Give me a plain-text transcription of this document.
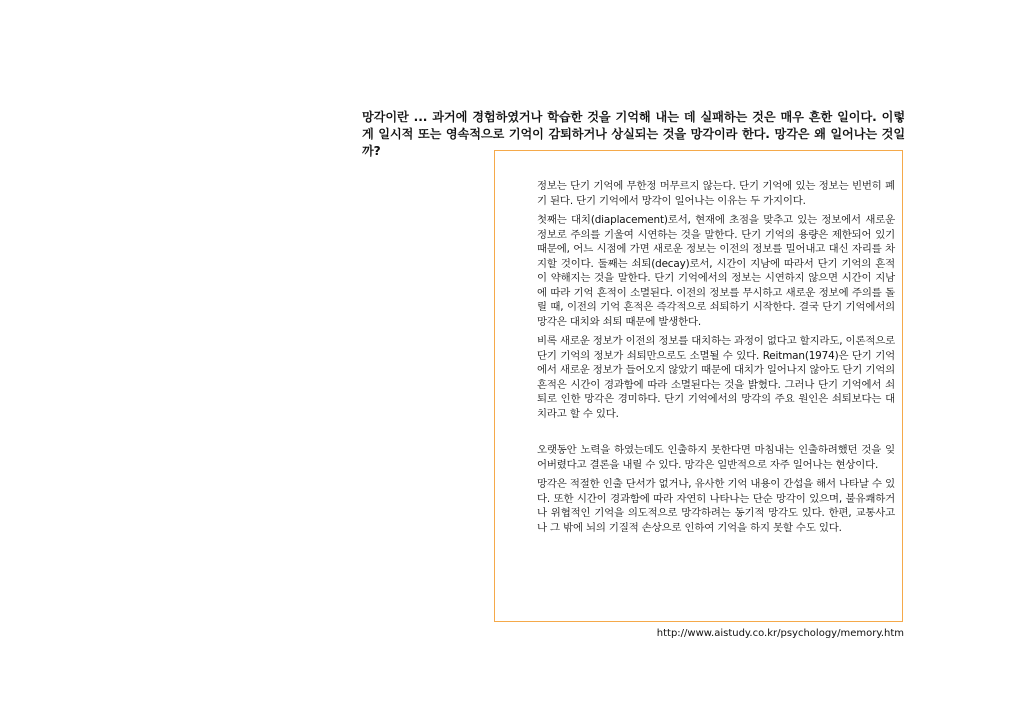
망각이란 ... 과거에 경험하였거나 학습한 것을 기억해 내는 데 실패하는 것은 매우 흔한 일이다. 이렇게 일시적 또는 영속적으로 기억이 감퇴하거나 상실되는 것을 망각이라 한다. 망각은 왜 일어나는 것일까?

정보는 단기 기억에 무한정 머무르지 않는다. 단기 기억에 있는 정보는 빈번히 폐기 된다. 단기 기억에서 망각이 일어나는 이유는 두 가지이다.

첫째는 대치(diaplacement)로서, 현재에 초점을 맞추고 있는 정보에서 새로운 정보로 주의를 기울여 시연하는 것을 말한다. 단기 기억의 용량은 제한되어 있기 때문에, 어느 시점에 가면 새로운 정보는 이전의 정보를 밀어내고 대신 자리를 차지할 것이다. 둘째는 쇠퇴(decay)로서, 시간이 지남에 따라서 단기 기억의 흔적이 약해지는 것을 말한다. 단기 기억에서의 정보는 시연하지 않으면 시간이 지남에 따라 기억 흔적이 소멸된다. 이전의 정보를 무시하고 새로운 정보에 주의를 돌릴 때, 이전의 기억 흔적은 즉각적으로 쇠퇴하기 시작한다. 결국 단기 기억에서의 망각은 대치와 쇠퇴 때문에 발생한다.

비록 새로운 정보가 이전의 정보를 대치하는 과정이 없다고 할지라도, 이론적으로 단기 기억의 정보가 쇠퇴만으로도 소멸될 수 있다. Reitman(1974)은 단기 기억에서 새로운 정보가 들어오지 않았기 때문에 대치가 일어나지 않아도 단기 기억의 흔적은 시간이 경과함에 따라 소멸된다는 것을 밝혔다. 그러나 단기 기억에서 쇠퇴로 인한 망각은 경미하다. 단기 기억에서의 망각의 주요 원인은 쇠퇴보다는 대치라고 할 수 있다.

오랫동안 노력을 하였는데도 인출하지 못한다면 마침내는 인출하려했던 것을 잊어버렸다고 결론을 내릴 수 있다. 망각은 일반적으로 자주 일어나는 현상이다.

망각은 적절한 인출 단서가 없거나, 유사한 기억 내용이 간섭을 해서 나타날 수 있다. 또한 시간이 경과함에 따라 자연히 나타나는 단순 망각이 있으며, 불유쾌하거나 위협적인 기억을 의도적으로 망각하려는 동기적 망각도 있다. 한편, 교통사고나 그 밖에 뇌의 기질적 손상으로 인하여 기억을 하지 못할 수도 있다.

http://www.aistudy.co.kr/psychology/memory.htm
